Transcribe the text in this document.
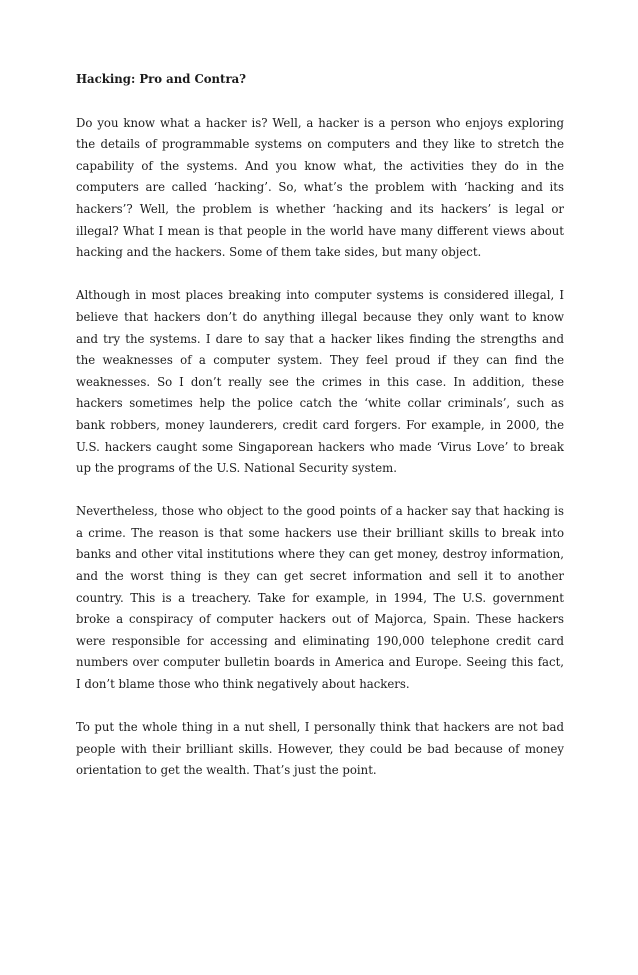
Hacking: Pro and Contra?

Do you know what a hacker is? Well, a hacker is a person who enjoys exploring the details of programmable systems on computers and they like to stretch the capability of the systems. And you know what, the activities they do in the computers are called ‘hacking’. So, what’s the problem with ‘hacking and its hackers’? Well, the problem is whether ‘hacking and its hackers’ is legal or illegal? What I mean is that people in the world have many different views about hacking and the hackers. Some of them take sides, but many object.

Although in most places breaking into computer systems is considered illegal, I believe that hackers don’t do anything illegal because they only want to know and try the systems. I dare to say that a hacker likes finding the strengths and the weaknesses of a computer system. They feel proud if they can find the weaknesses. So I don’t really see the crimes in this case. In addition, these hackers sometimes help the police catch the ‘white collar criminals’, such as bank robbers, money launderers, credit card forgers. For example, in 2000, the U.S. hackers caught some Singaporean hackers who made ‘Virus Love’ to break up the programs of the U.S. National Security system.

Nevertheless, those who object to the good points of a hacker say that hacking is a crime. The reason is that some hackers use their brilliant skills to break into banks and other vital institutions where they can get money, destroy information, and the worst thing is they can get secret information and sell it to another country. This is a treachery. Take for example, in 1994, The U.S. government broke a conspiracy of computer hackers out of Majorca, Spain. These hackers were responsible for accessing and eliminating 190,000 telephone credit card numbers over computer bulletin boards in America and Europe. Seeing this fact, I don’t blame those who think negatively about hackers.

To put the whole thing in a nut shell, I personally think that hackers are not bad people with their brilliant skills. However, they could be bad because of money orientation to get the wealth. That’s just the point.
